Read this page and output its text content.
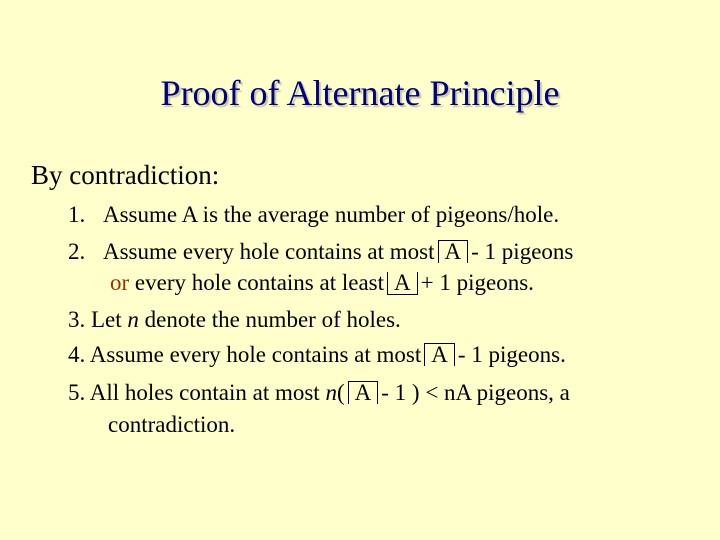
Proof of Alternate Principle
By contradiction:
1. Assume A is the average number of pigeons/hole.
2. Assume every hole contains at most A - 1 pigeons
or every hole contains at least A + 1 pigeons.
3. Let n denote the number of holes.
4. Assume every hole contains at most A - 1 pigeons.
5. All holes contain at most n( A - 1 ) < nA pigeons, a
contradiction.
